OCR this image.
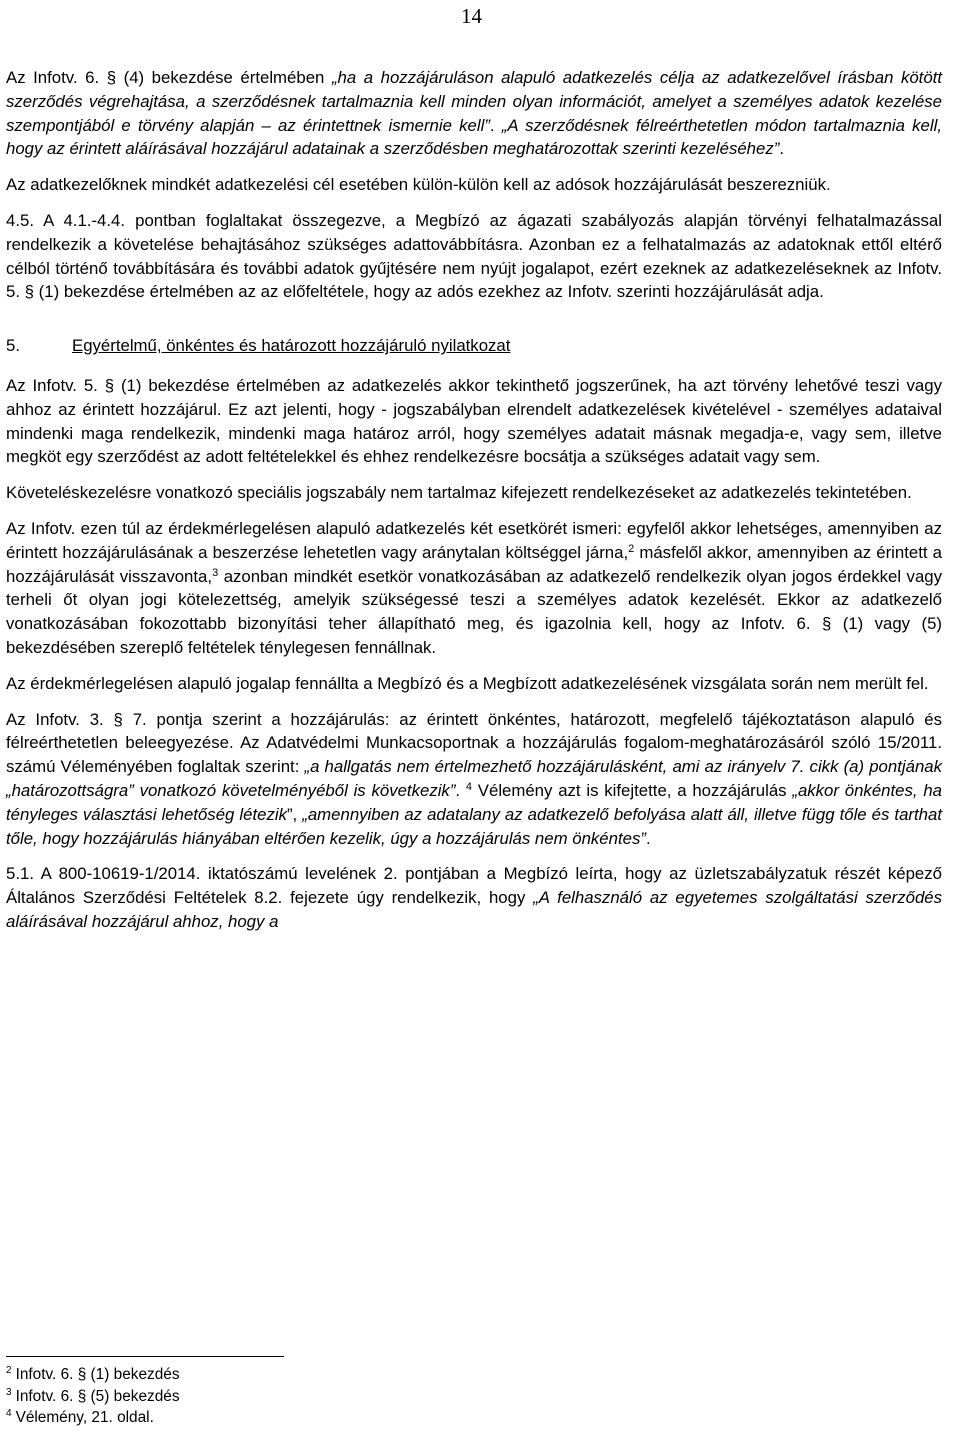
14

Az Infotv. 6. § (4) bekezdése értelmében „ha a hozzájáruláson alapuló adatkezelés célja az adatkezelővel írásban kötött szerződés végrehajtása, a szerződésnek tartalmaznia kell minden olyan információt, amelyet a személyes adatok kezelése szempontjából e törvény alapján – az érintettnek ismernie kell”. „A szerződésnek félreérthetetlen módon tartalmaznia kell, hogy az érintett aláírásával hozzájárul adatainak a szerződésben meghatározottak szerinti kezeléséhez”.

Az adatkezelőknek mindkét adatkezelési cél esetében külön-külön kell az adósok hozzájárulását beszerezniük.

4.5. A 4.1.-4.4. pontban foglaltakat összegezve, a Megbízó az ágazati szabályozás alapján törvényi felhatalmazással rendelkezik a követelése behajtásához szükséges adattovábbításra. Azonban ez a felhatalmazás az adatoknak ettől eltérő célból történő továbbítására és további adatok gyűjtésére nem nyújt jogalapot, ezért ezeknek az adatkezeléseknek az Infotv. 5. § (1) bekezdése értelmében az az előfeltétele, hogy az adós ezekhez az Infotv. szerinti hozzájárulását adja.

5.	Egyértelmű, önkéntes és határozott hozzájáruló nyilatkozat

Az Infotv. 5. § (1) bekezdése értelmében az adatkezelés akkor tekinthető jogszerűnek, ha azt törvény lehetővé teszi vagy ahhoz az érintett hozzájárul. Ez azt jelenti, hogy - jogszabályban elrendelt adatkezelések kivételével - személyes adataival mindenki maga rendelkezik, mindenki maga határoz arról, hogy személyes adatait másnak megadja-e, vagy sem, illetve megköt egy szerződést az adott feltételekkel és ehhez rendelkezésre bocsátja a szükséges adatait vagy sem.

Követeléskezelésre vonatkozó speciális jogszabály nem tartalmaz kifejezett rendelkezéseket az adatkezelés tekintetében.

Az Infotv. ezen túl az érdekmérlegelésen alapuló adatkezelés két esetkörét ismeri: egyfelől akkor lehetséges, amennyiben az érintett hozzájárulásának a beszerzése lehetetlen vagy aránytalan költséggel járna,$^2$ másfelől akkor, amennyiben az érintett a hozzájárulását visszavonta,$^3$ azonban mindkét esetkör vonatkozásában az adatkezelő rendelkezik olyan jogos érdekkel vagy terheli őt olyan jogi kötelezettség, amelyik szükségessé teszi a személyes adatok kezelését. Ekkor az adatkezelő vonatkozásában fokozottabb bizonyítási teher állapítható meg, és igazolnia kell, hogy az Infotv. 6. § (1) vagy (5) bekezdésében szereplő feltételek ténylegesen fennállnak.

Az érdekmérlegelésen alapuló jogalap fennállta a Megbízó és a Megbízott adatkezelésének vizsgálata során nem merült fel.

Az Infotv. 3. § 7. pontja szerint a hozzájárulás: az érintett önkéntes, határozott, megfelelő tájékoztatáson alapuló és félreérthetetlen beleegyezése. Az Adatvédelmi Munkacsoportnak a hozzájárulás fogalom-meghatározásáról szóló 15/2011. számú Véleményében foglaltak szerint: „a hallgatás nem értelmezhető hozzájárulásként, ami az irányelv 7. cikk (a) pontjának „határozottságra” vonatkozó követelményéből is következik”. $^4$ Vélemény azt is kifejtette, a hozzájárulás „akkor önkéntes, ha tényleges választási lehetőség létezik”, „amennyiben az adatalany az adatkezelő befolyása alatt áll, illetve függ tőle és tarthat tőle, hogy hozzájárulás hiányában eltérően kezelik, úgy a hozzájárulás nem önkéntes”.

5.1. A 800-10619-1/2014. iktatószámú levelének 2. pontjában a Megbízó leírta, hogy az üzletszabályzatuk részét képező Általános Szerződési Feltételek 8.2. fejezete úgy rendelkezik, hogy „A felhasználó az egyetemes szolgáltatási szerződés aláírásával hozzájárul ahhoz, hogy a

$^2$ Infotv. 6. § (1) bekezdés
$^3$ Infotv. 6. § (5) bekezdés
$^4$ Vélemény, 21. oldal.
